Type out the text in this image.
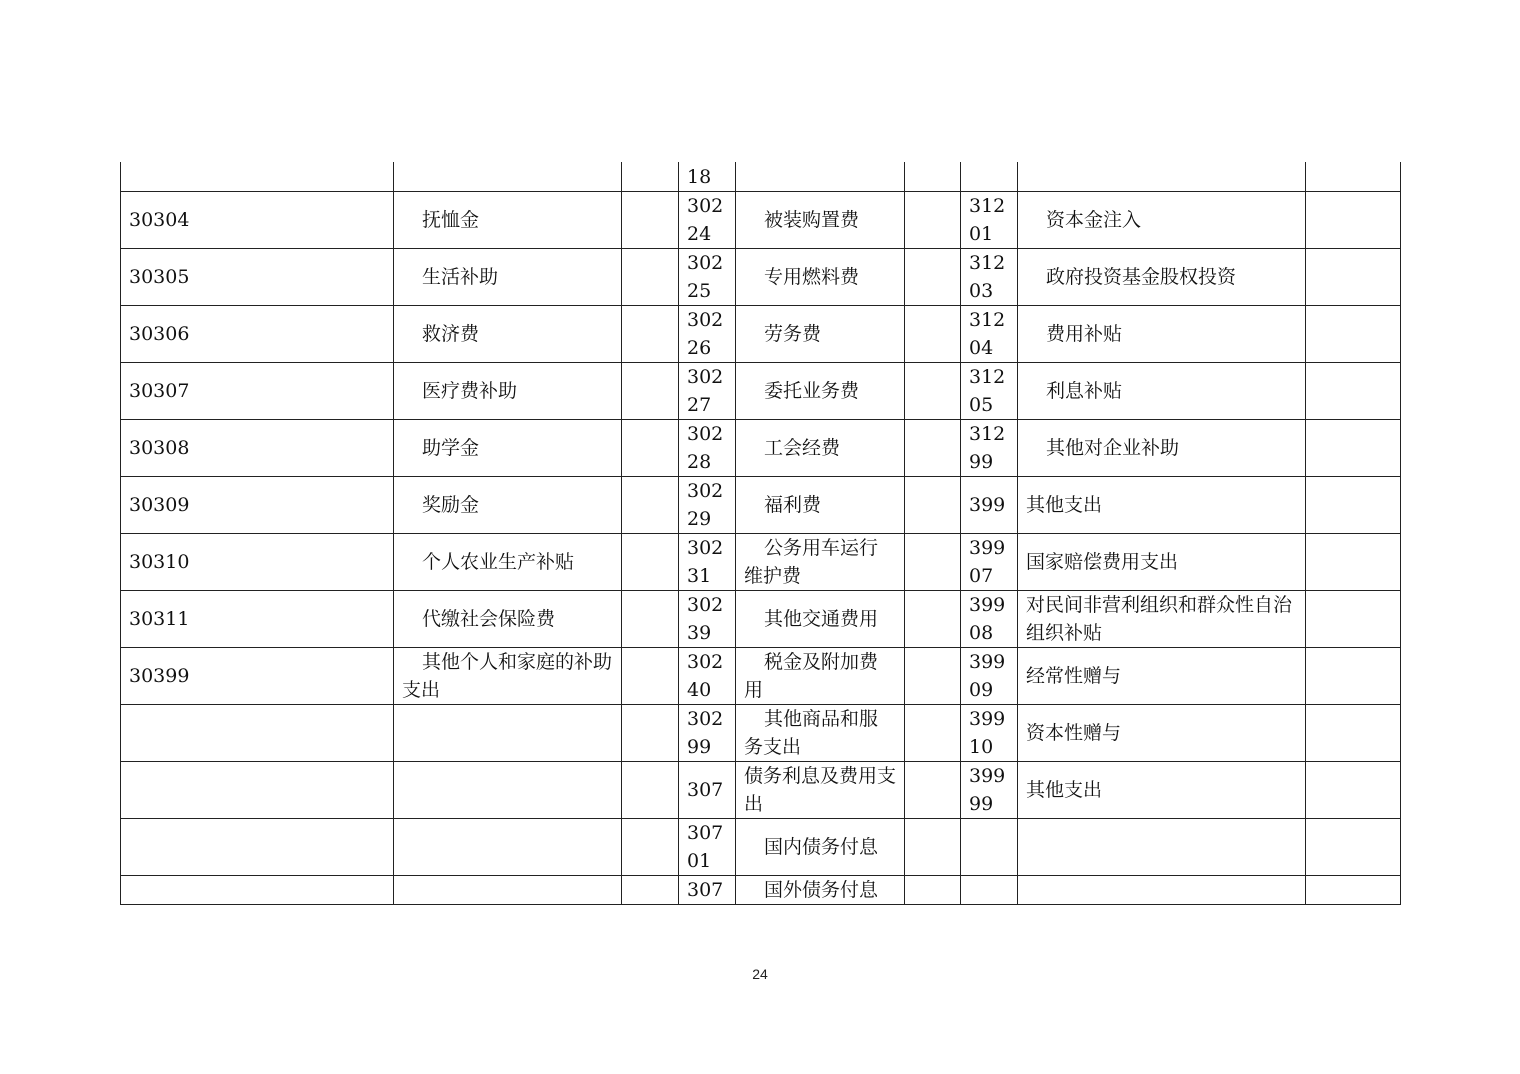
			18					
30304	抚恤金		30224	被装购置费		31201	资本金注入	
30305	生活补助		30225	专用燃料费		31203	政府投资基金股权投资	
30306	救济费		30226	劳务费		31204	费用补贴	
30307	医疗费补助		30227	委托业务费		31205	利息补贴	
30308	助学金		30228	工会经费		31299	其他对企业补助	
30309	奖励金		30229	福利费		399	其他支出	
30310	个人农业生产补贴		30231	公务用车运行维护费		39907	国家赔偿费用支出	
30311	代缴社会保险费		30239	其他交通费用		39908	对民间非营利组织和群众性自治组织补贴	
30399	其他个人和家庭的补助支出		30240	税金及附加费用		39909	经常性赠与	
			30299	其他商品和服务支出		39910	资本性赠与	
			307	债务利息及费用支出		39999	其他支出	
			30701	国内债务付息				
			307	国外债务付息				
24
